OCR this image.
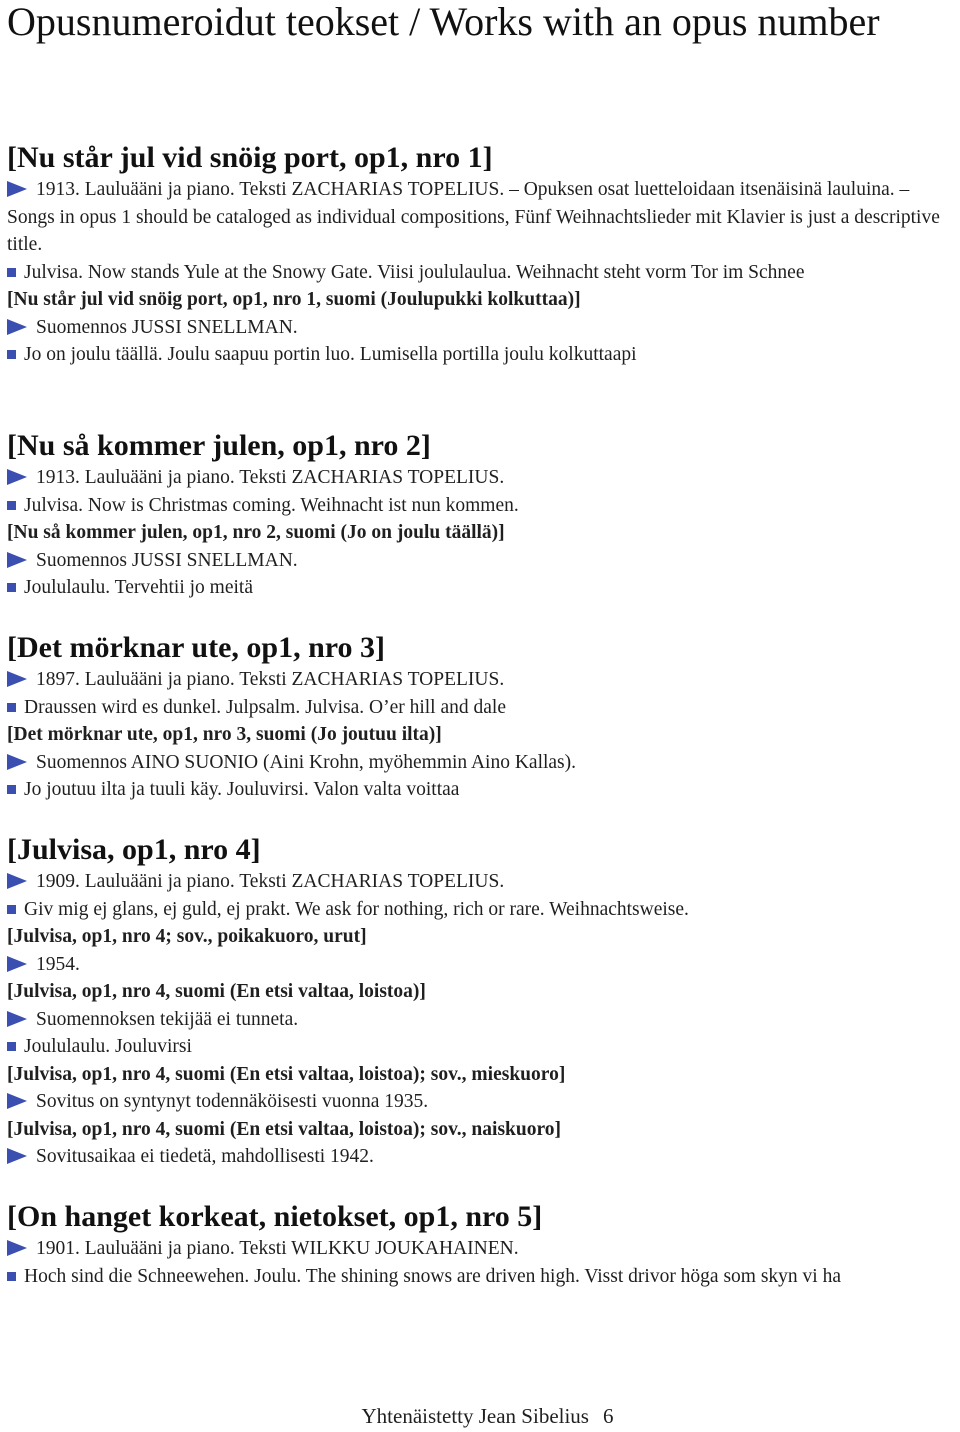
Opusnumeroidut teokset / Works with an opus number
[Nu står jul vid snöig port, op1, nro 1]

1913. Lauluääni ja piano. Teksti ZACHARIAS TOPELIUS. – Opuksen osat luetteloidaan itsenäisinä lauluina. – Songs in opus 1 should be cataloged as individual compositions, Fünf Weihnachtslieder mit Klavier is just a descriptive title.

Julvisa. Now stands Yule at the Snowy Gate. Viisi joululaulua. Weihnacht steht vorm Tor im Schnee

[Nu står jul vid snöig port, op1, nro 1, suomi (Joulupukki kolkuttaa)]

Suomennos JUSSI SNELLMAN.

Jo on joulu täällä. Joulu saapuu portin luo. Lumisella portilla joulu kolkuttaapi

[Nu så kommer julen, op1, nro 2]

1913. Lauluääni ja piano. Teksti ZACHARIAS TOPELIUS.

Julvisa. Now is Christmas coming. Weihnacht ist nun kommen.

[Nu så kommer julen, op1, nro 2, suomi (Jo on joulu täällä)]

Suomennos JUSSI SNELLMAN.

Joululaulu. Tervehtii jo meitä

[Det mörknar ute, op1, nro 3]

1897. Lauluääni ja piano. Teksti ZACHARIAS TOPELIUS.

Draussen wird es dunkel. Julpsalm. Julvisa. O’er hill and dale

[Det mörknar ute, op1, nro 3, suomi (Jo joutuu ilta)]

Suomennos AINO SUONIO (Aini Krohn, myöhemmin Aino Kallas).

Jo joutuu ilta ja tuuli käy. Jouluvirsi. Valon valta voittaa

[Julvisa, op1, nro 4]

1909. Lauluääni ja piano. Teksti ZACHARIAS TOPELIUS.

Giv mig ej glans, ej guld, ej prakt. We ask for nothing, rich or rare. Weihnachtsweise.

[Julvisa, op1, nro 4; sov., poikakuoro, urut]

1954.

[Julvisa, op1, nro 4, suomi (En etsi valtaa, loistoa)]

Suomennoksen tekijää ei tunneta.

Joululaulu. Jouluvirsi

[Julvisa, op1, nro 4, suomi (En etsi valtaa, loistoa); sov., mieskuoro]

Sovitus on syntynyt todennäköisesti vuonna 1935.

[Julvisa, op1, nro 4, suomi (En etsi valtaa, loistoa); sov., naiskuoro]

Sovitusaikaa ei tiedetä, mahdollisesti 1942.

[On hanget korkeat, nietokset, op1, nro 5]

1901. Lauluääni ja piano. Teksti WILKKU JOUKAHAINEN.

Hoch sind die Schneewehen. Joulu. The shining snows are driven high. Visst drivor höga som skyn vi ha

Yhtenäistetty Jean Sibelius 6
